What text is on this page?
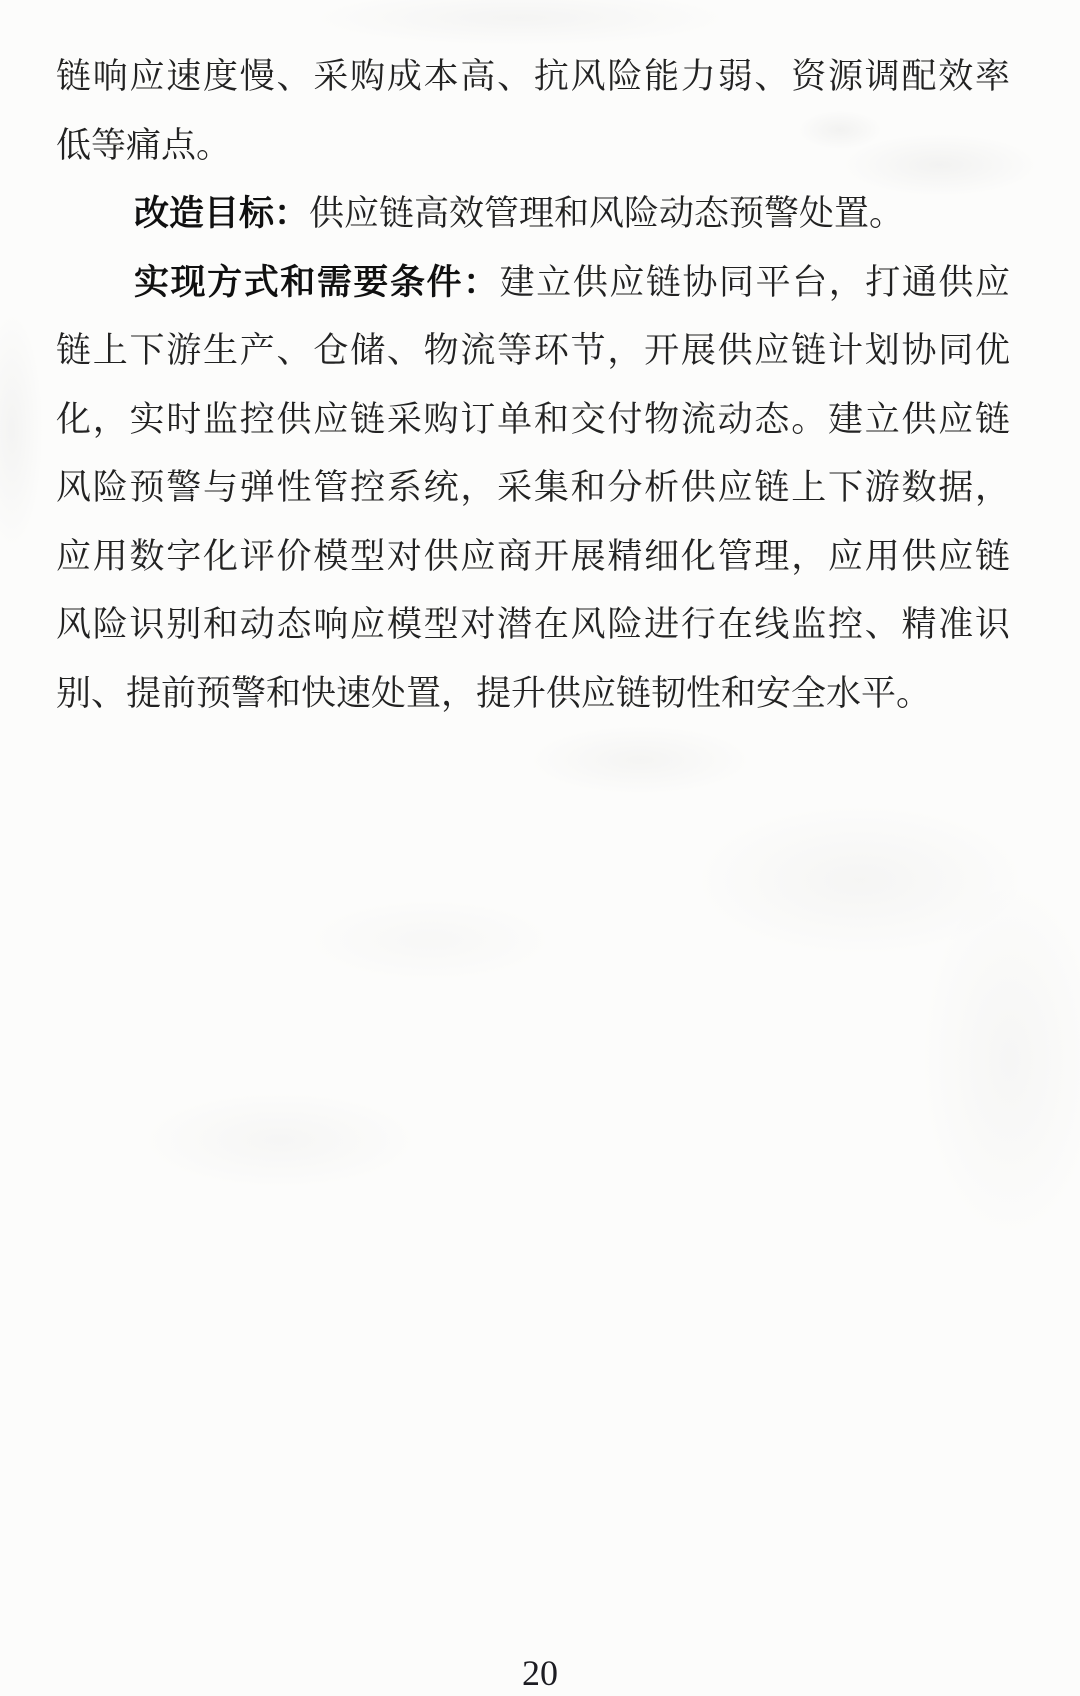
链响应速度慢、采购成本高、抗风险能力弱、资源调配效率

低等痛点。

改造目标：供应链高效管理和风险动态预警处置。

实现方式和需要条件：建立供应链协同平台，打通供应

链上下游生产、仓储、物流等环节，开展供应链计划协同优

化，实时监控供应链采购订单和交付物流动态。建立供应链

风险预警与弹性管控系统，采集和分析供应链上下游数据，

应用数字化评价模型对供应商开展精细化管理，应用供应链

风险识别和动态响应模型对潜在风险进行在线监控、精准识

别、提前预警和快速处置，提升供应链韧性和安全水平。

20
